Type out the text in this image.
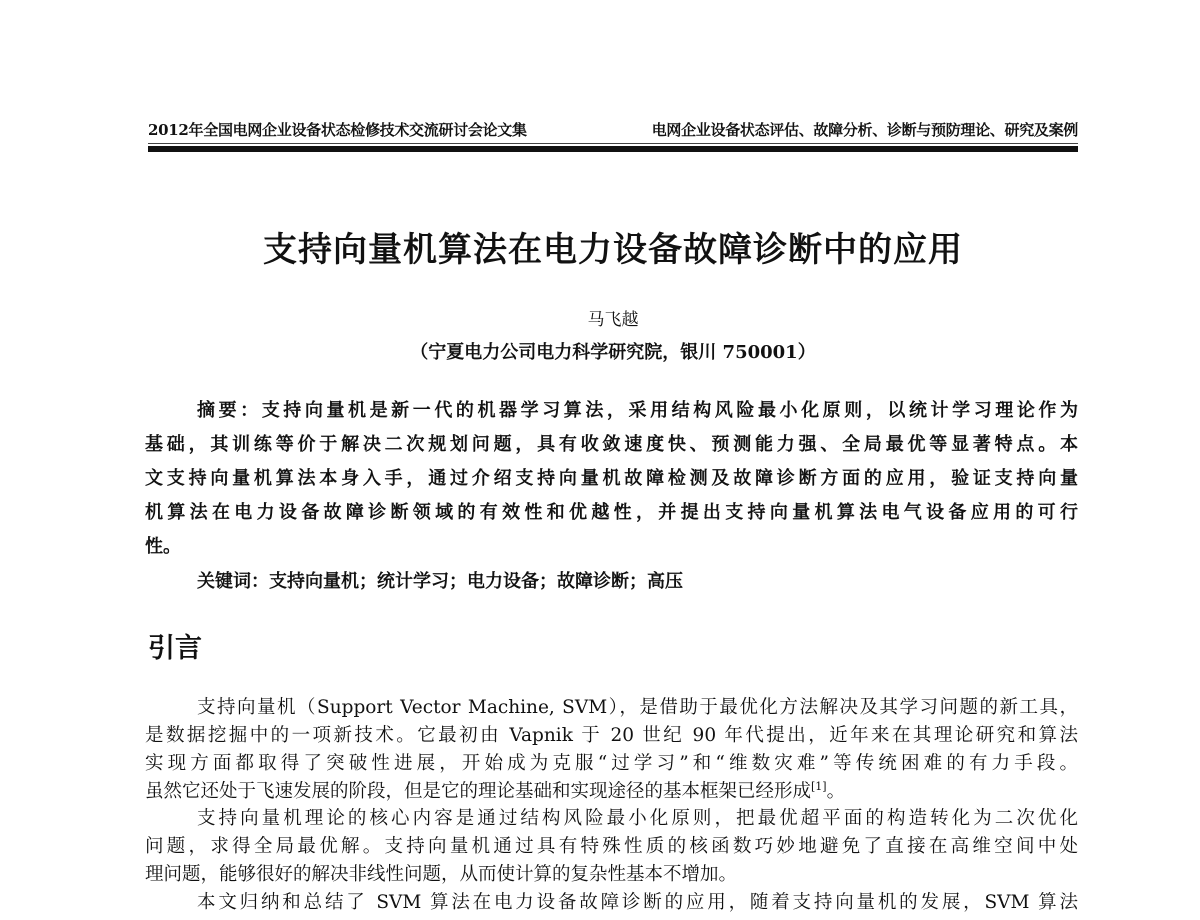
2012年全国电网企业设备状态检修技术交流研讨会论文集	电网企业设备状态评估、故障分析、诊断与预防理论、研究及案例
支持向量机算法在电力设备故障诊断中的应用
马飞越
（宁夏电力公司电力科学研究院，银川 750001）
摘要：支持向量机是新一代的机器学习算法，采用结构风险最小化原则，以统计学习理论作为
基础，其训练等价于解决二次规划问题，具有收敛速度快、预测能力强、全局最优等显著特点。本
文支持向量机算法本身入手，通过介绍支持向量机故障检测及故障诊断方面的应用，验证支持向量
机算法在电力设备故障诊断领域的有效性和优越性，并提出支持向量机算法电气设备应用的可行
性。
关键词：支持向量机；统计学习；电力设备；故障诊断；高压
引言
支持向量机（Support Vector Machine, SVM），是借助于最优化方法解决及其学习问题的新工具，
是数据挖掘中的一项新技术。它最初由 Vapnik 于 20 世纪 90 年代提出，近年来在其理论研究和算法
实现方面都取得了突破性进展，开始成为克服“过学习”和“维数灾难”等传统困难的有力手段。
虽然它还处于飞速发展的阶段，但是它的理论基础和实现途径的基本框架已经形成[1]。
支持向量机理论的核心内容是通过结构风险最小化原则，把最优超平面的构造转化为二次优化
问题，求得全局最优解。支持向量机通过具有特殊性质的核函数巧妙地避免了直接在高维空间中处
理问题，能够很好的解决非线性问题，从而使计算的复杂性基本不增加。
本文归纳和总结了 SVM 算法在电力设备故障诊断的应用，随着支持向量机的发展，SVM 算法
